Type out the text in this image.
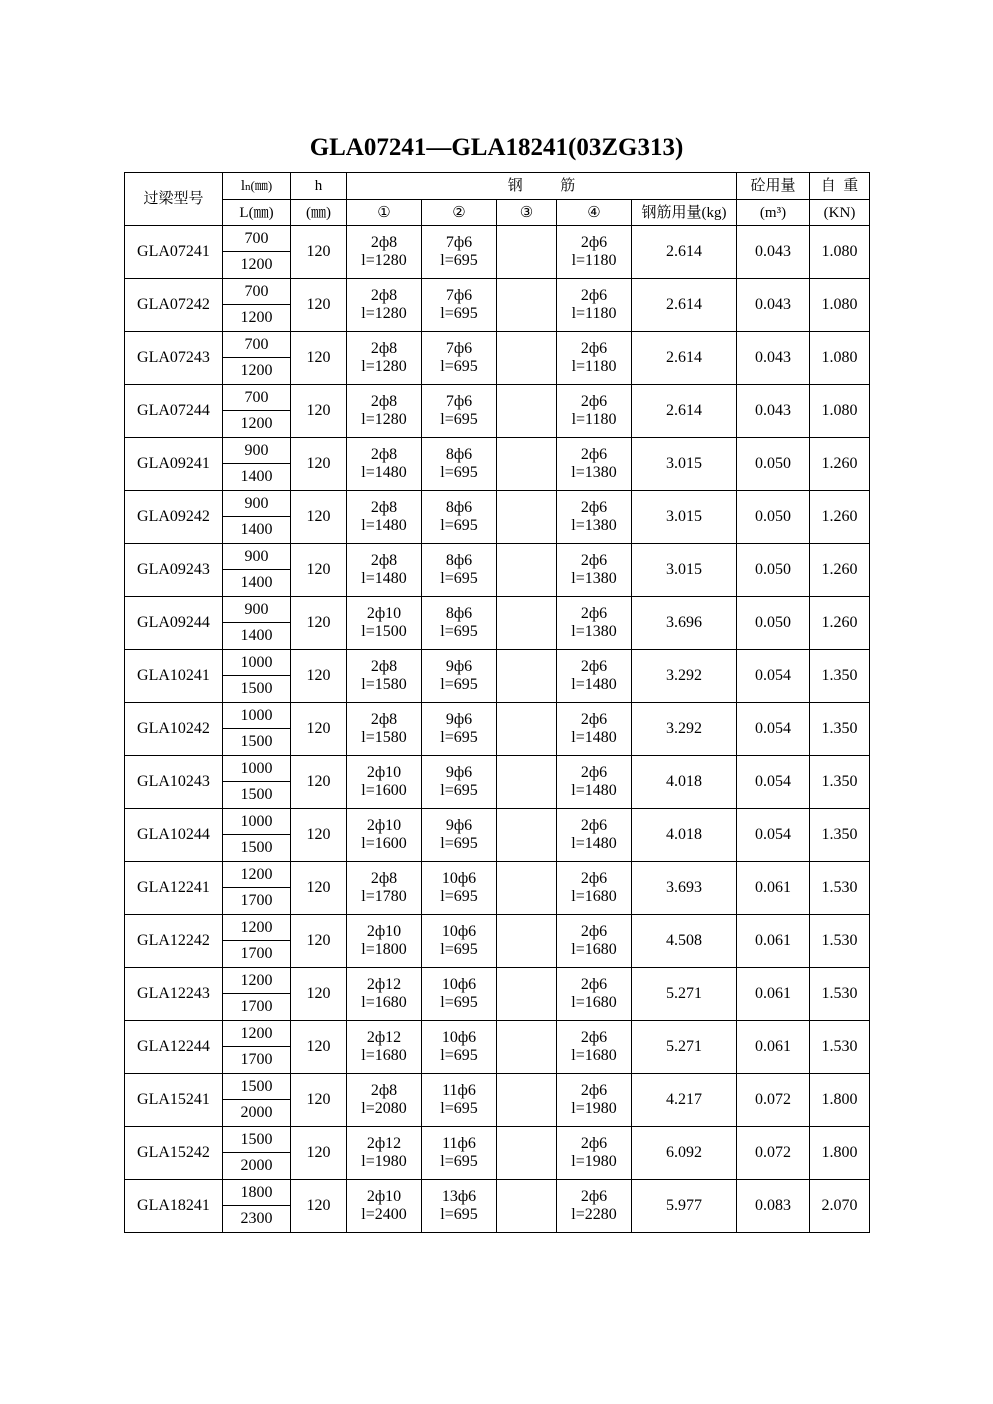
GLA07241—GLA18241(03ZG313)
过梁型号	ln(㎜)	h	钢          筋					砼用量	自  重
	L(㎜)	(㎜)	①	②	③	④	钢筋用量(kg)	(m³)	(KN)
GLA07241	700	120	2ф8	7ф6		2ф6	2.614	0.043	1.080
	1200		l=1280	l=695		l=1180			
GLA07242	700	120	2ф8	7ф6		2ф6	2.614	0.043	1.080
	1200		l=1280	l=695		l=1180			
GLA07243	700	120	2ф8	7ф6		2ф6	2.614	0.043	1.080
	1200		l=1280	l=695		l=1180			
GLA07244	700	120	2ф8	7ф6		2ф6	2.614	0.043	1.080
	1200		l=1280	l=695		l=1180			
GLA09241	900	120	2ф8	8ф6		2ф6	3.015	0.050	1.260
	1400		l=1480	l=695		l=1380			
GLA09242	900	120	2ф8	8ф6		2ф6	3.015	0.050	1.260
	1400		l=1480	l=695		l=1380			
GLA09243	900	120	2ф8	8ф6		2ф6	3.015	0.050	1.260
	1400		l=1480	l=695		l=1380			
GLA09244	900	120	2ф10	8ф6		2ф6	3.696	0.050	1.260
	1400		l=1500	l=695		l=1380			
GLA10241	1000	120	2ф8	9ф6		2ф6	3.292	0.054	1.350
	1500		l=1580	l=695		l=1480			
GLA10242	1000	120	2ф8	9ф6		2ф6	3.292	0.054	1.350
	1500		l=1580	l=695		l=1480			
GLA10243	1000	120	2ф10	9ф6		2ф6	4.018	0.054	1.350
	1500		l=1600	l=695		l=1480			
GLA10244	1000	120	2ф10	9ф6		2ф6	4.018	0.054	1.350
	1500		l=1600	l=695		l=1480			
GLA12241	1200	120	2ф8	10ф6		2ф6	3.693	0.061	1.530
	1700		l=1780	l=695		l=1680			
GLA12242	1200	120	2ф10	10ф6		2ф6	4.508	0.061	1.530
	1700		l=1800	l=695		l=1680			
GLA12243	1200	120	2ф12	10ф6		2ф6	5.271	0.061	1.530
	1700		l=1680	l=695		l=1680			
GLA12244	1200	120	2ф12	10ф6		2ф6	5.271	0.061	1.530
	1700		l=1680	l=695		l=1680			
GLA15241	1500	120	2ф8	11ф6		2ф6	4.217	0.072	1.800
	2000		l=2080	l=695		l=1980			
GLA15242	1500	120	2ф12	11ф6		2ф6	6.092	0.072	1.800
	2000		l=1980	l=695		l=1980			
GLA18241	1800	120	2ф10	13ф6		2ф6	5.977	0.083	2.070
	2300		l=2400	l=695		l=2280			
